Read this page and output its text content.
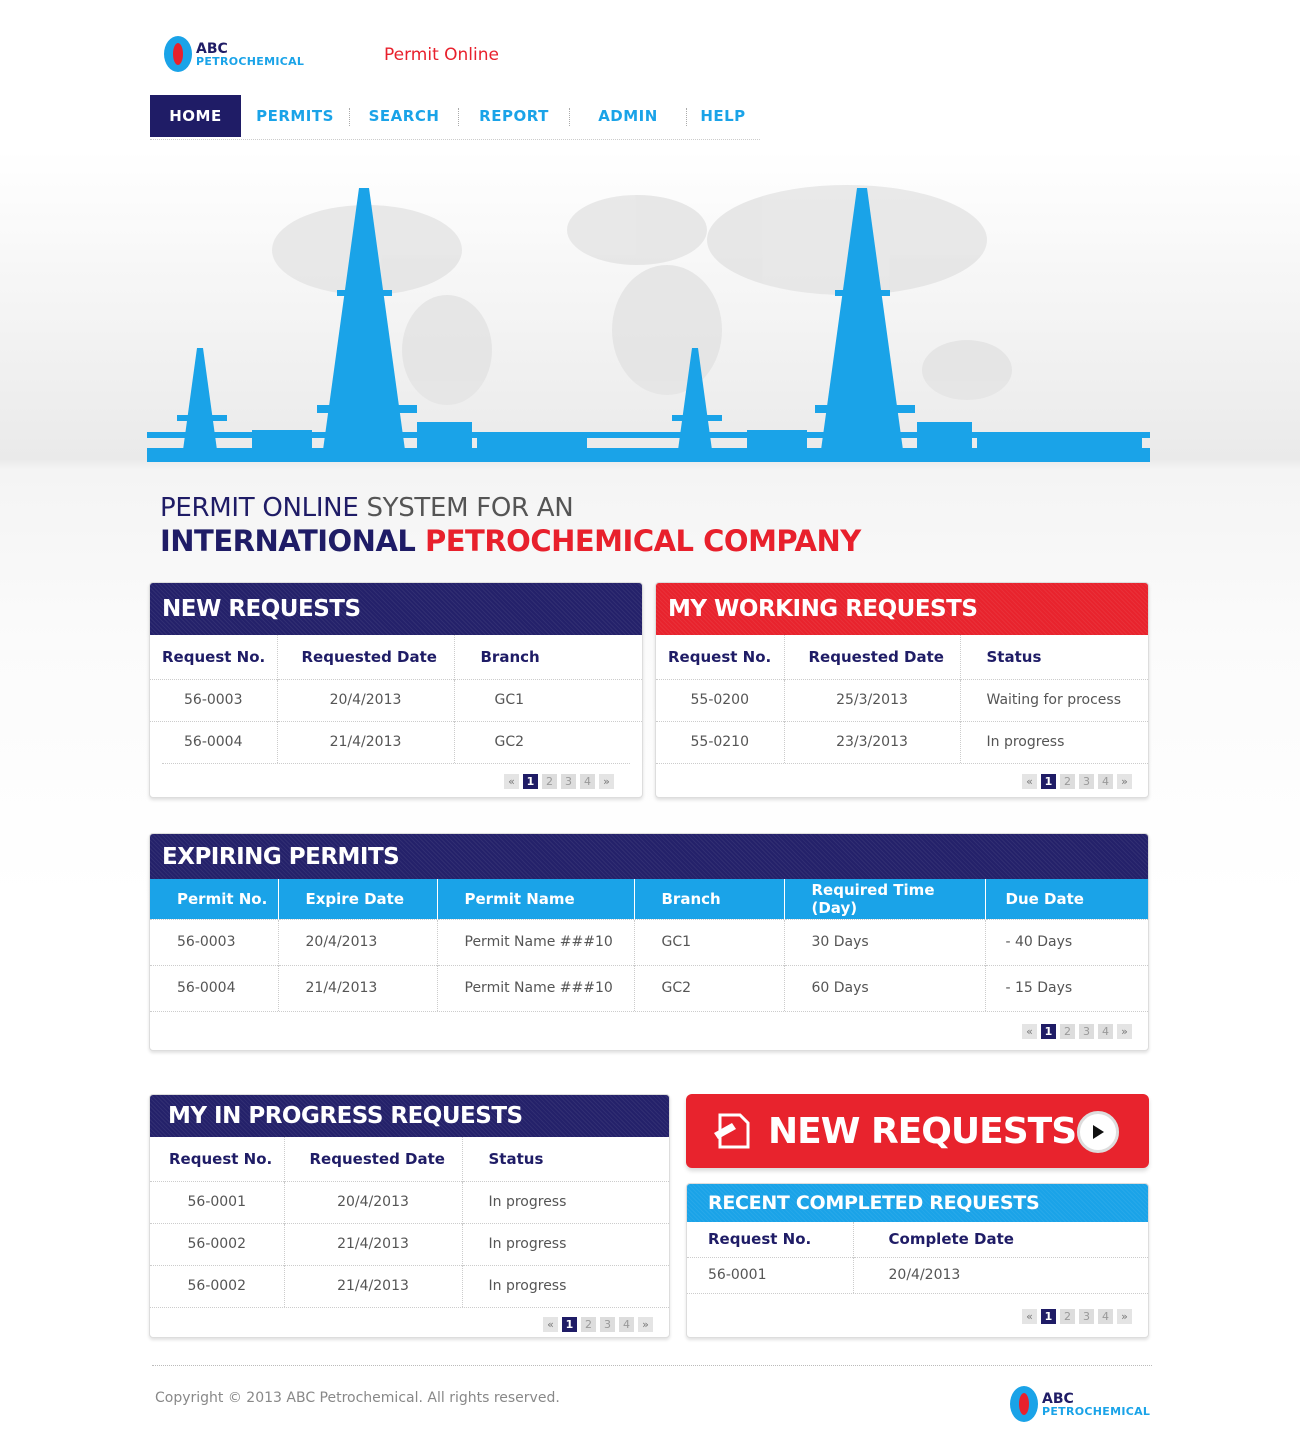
ABC
PETROCHEMICAL	Permit Online
HOME	PERMITS	SEARCH	REPORT	ADMIN	HELP
PERMIT ONLINE SYSTEM FOR AN
INTERNATIONAL PETROCHEMICAL COMPANY
NEW REQUESTS
Request No.	Requested Date	Branch
56-0003	20/4/2013	GC1
56-0004	21/4/2013	GC2
«	1	2	3	4	»
MY WORKING REQUESTS
Request No.	Requested Date	Status
55-0200	25/3/2013	Waiting for process
55-0210	23/3/2013	In progress
«	1	2	3	4	»
EXPIRING PERMITS
Permit No.	Expire Date	Permit Name	Branch	Required Time (Day)	Due Date
56-0003	20/4/2013	Permit Name ###10	GC1	30 Days	- 40 Days
56-0004	21/4/2013	Permit Name ###10	GC2	60 Days	- 15 Days
«	1	2	3	4	»
MY IN PROGRESS REQUESTS
Request No.	Requested Date	Status
56-0001	20/4/2013	In progress
56-0002	21/4/2013	In progress
56-0002	21/4/2013	In progress
«	1	2	3	4	»
NEW REQUESTS
RECENT COMPLETED REQUESTS
Request No.	Complete Date
56-0001	20/4/2013
«	1	2	3	4	»
Copyright © 2013 ABC Petrochemical. All rights reserved.	ABC
PETROCHEMICAL
